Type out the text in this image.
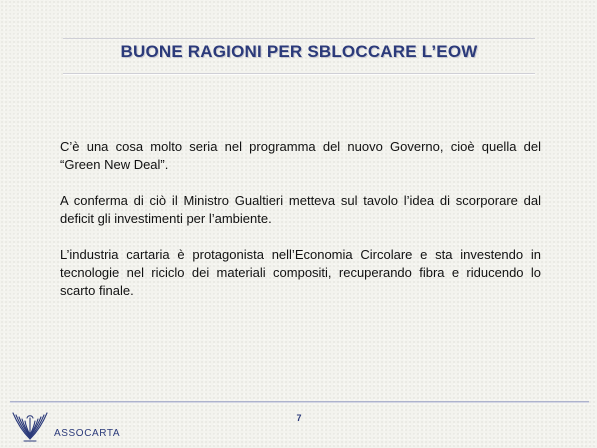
BUONE RAGIONI PER SBLOCCARE L’EOW

C’è una cosa molto seria nel programma del nuovo Governo, cioè quella del “Green New Deal”.

A conferma di ciò il Ministro Gualtieri metteva sul tavolo l’idea di scorporare dal deficit gli investimenti per l’ambiente.

L’industria cartaria è protagonista nell’Economia Circolare e sta investendo in tecnologie nel riciclo dei materiali compositi, recuperando fibra e riducendo lo scarto finale.

ASSOCARTA
7
